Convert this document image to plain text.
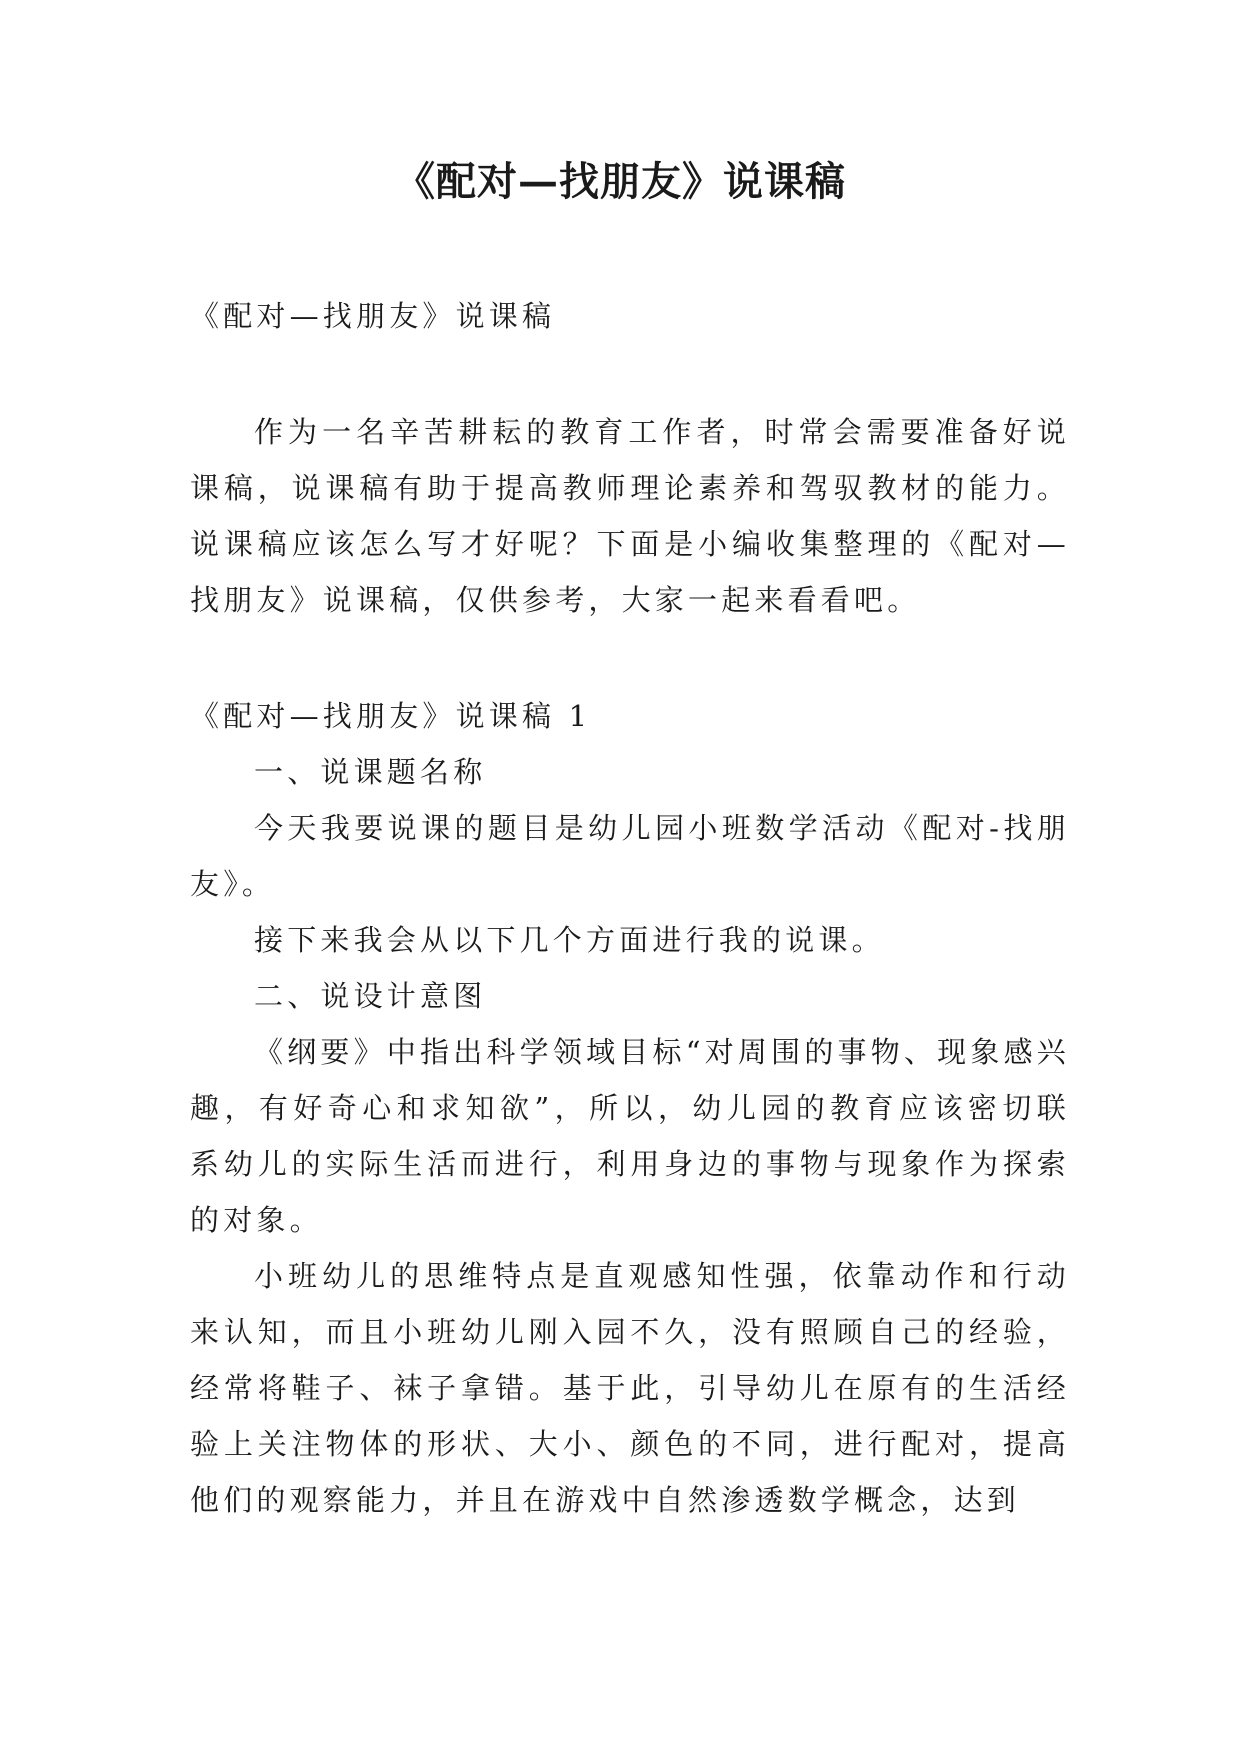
《配对—找朋友》说课稿

《配对—找朋友》说课稿

作为一名辛苦耕耘的教育工作者，时常会需要准备好说课稿，说课稿有助于提高教师理论素养和驾驭教材的能力。说课稿应该怎么写才好呢？下面是小编收集整理的《配对—找朋友》说课稿，仅供参考，大家一起来看看吧。

《配对—找朋友》说课稿 1

一、说课题名称

今天我要说课的题目是幼儿园小班数学活动《配对-找朋友》。

接下来我会从以下几个方面进行我的说课。

二、说设计意图

《纲要》中指出科学领域目标“对周围的事物、现象感兴趣，有好奇心和求知欲”，所以，幼儿园的教育应该密切联系幼儿的实际生活而进行，利用身边的事物与现象作为探索的对象。

小班幼儿的思维特点是直观感知性强，依靠动作和行动来认知，而且小班幼儿刚入园不久，没有照顾自己的经验，经常将鞋子、袜子拿错。基于此，引导幼儿在原有的生活经验上关注物体的形状、大小、颜色的不同，进行配对，提高他们的观察能力，并且在游戏中自然渗透数学概念，达到
